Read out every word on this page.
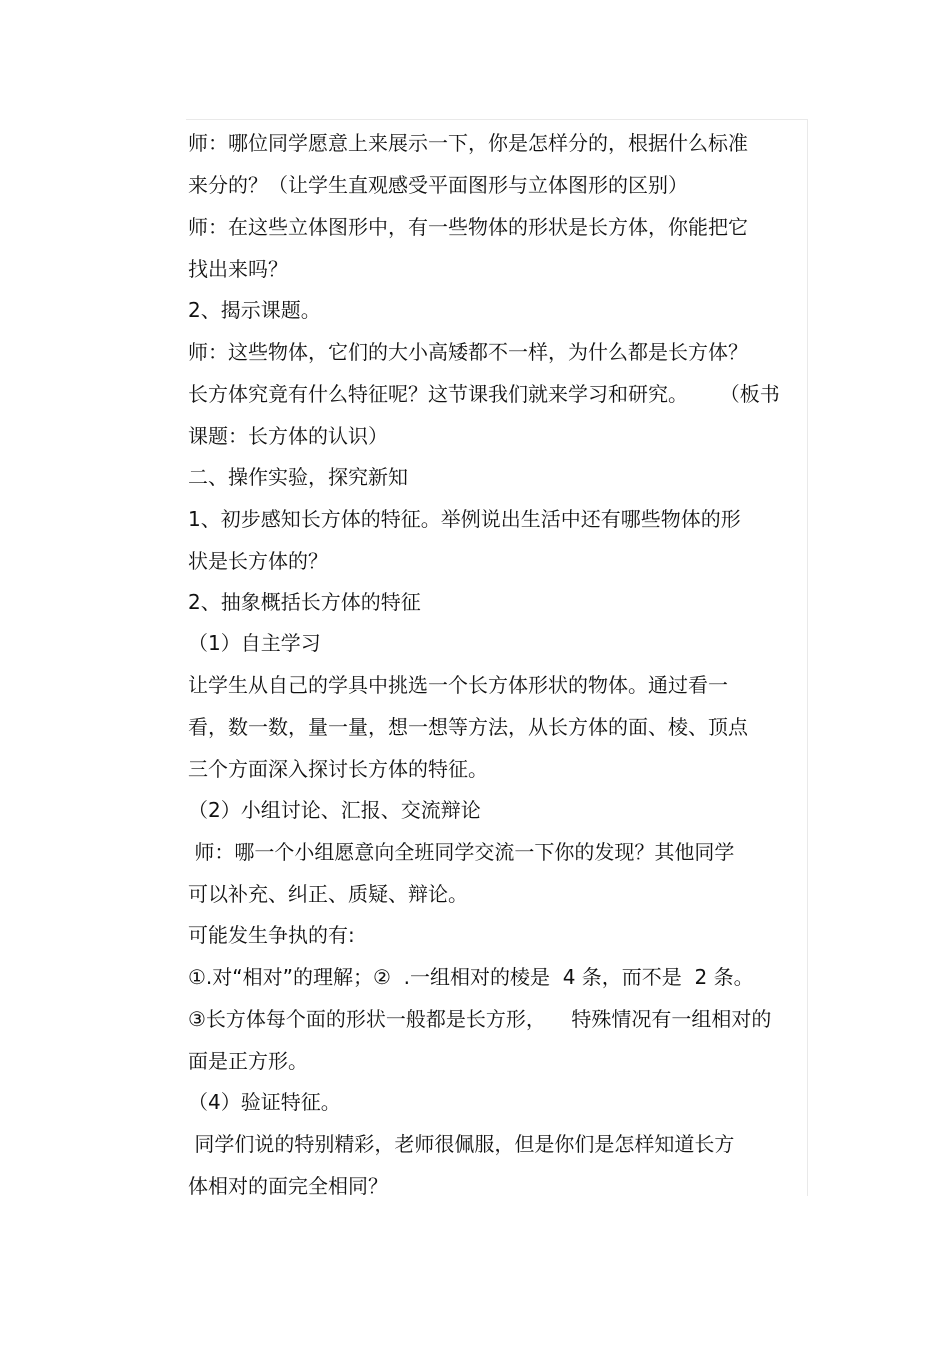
师：哪位同学愿意上来展示一下，你是怎样分的，根据什么标准
来分的？（让学生直观感受平面图形与立体图形的区别）
师：在这些立体图形中，有一些物体的形状是长方体，你能把它
找出来吗？
2、揭示课题。
师：这些物体，它们的大小高矮都不一样，为什么都是长方体？
长方体究竟有什么特征呢？这节课我们就来学习和研究。     （板书
课题：长方体的认识）
二、操作实验，探究新知
1、初步感知长方体的特征。举例说出生活中还有哪些物体的形
状是长方体的？
2、抽象概括长方体的特征
（1）自主学习
让学生从自己的学具中挑选一个长方体形状的物体。通过看一
看，数一数，量一量，想一想等方法，从长方体的面、棱、顶点
三个方面深入探讨长方体的特征。
（2）小组讨论、汇报、交流辩论
师：哪一个小组愿意向全班同学交流一下你的发现？其他同学
可以补充、纠正、质疑、辩论。
可能发生争执的有:
①.对“相对”的理解；②  .一组相对的棱是  4 条，而不是  2 条。
③长方体每个面的形状一般都是长方形，    特殊情况有一组相对的
面是正方形。
（4）验证特征。
同学们说的特别精彩，老师很佩服，但是你们是怎样知道长方
体相对的面完全相同？
